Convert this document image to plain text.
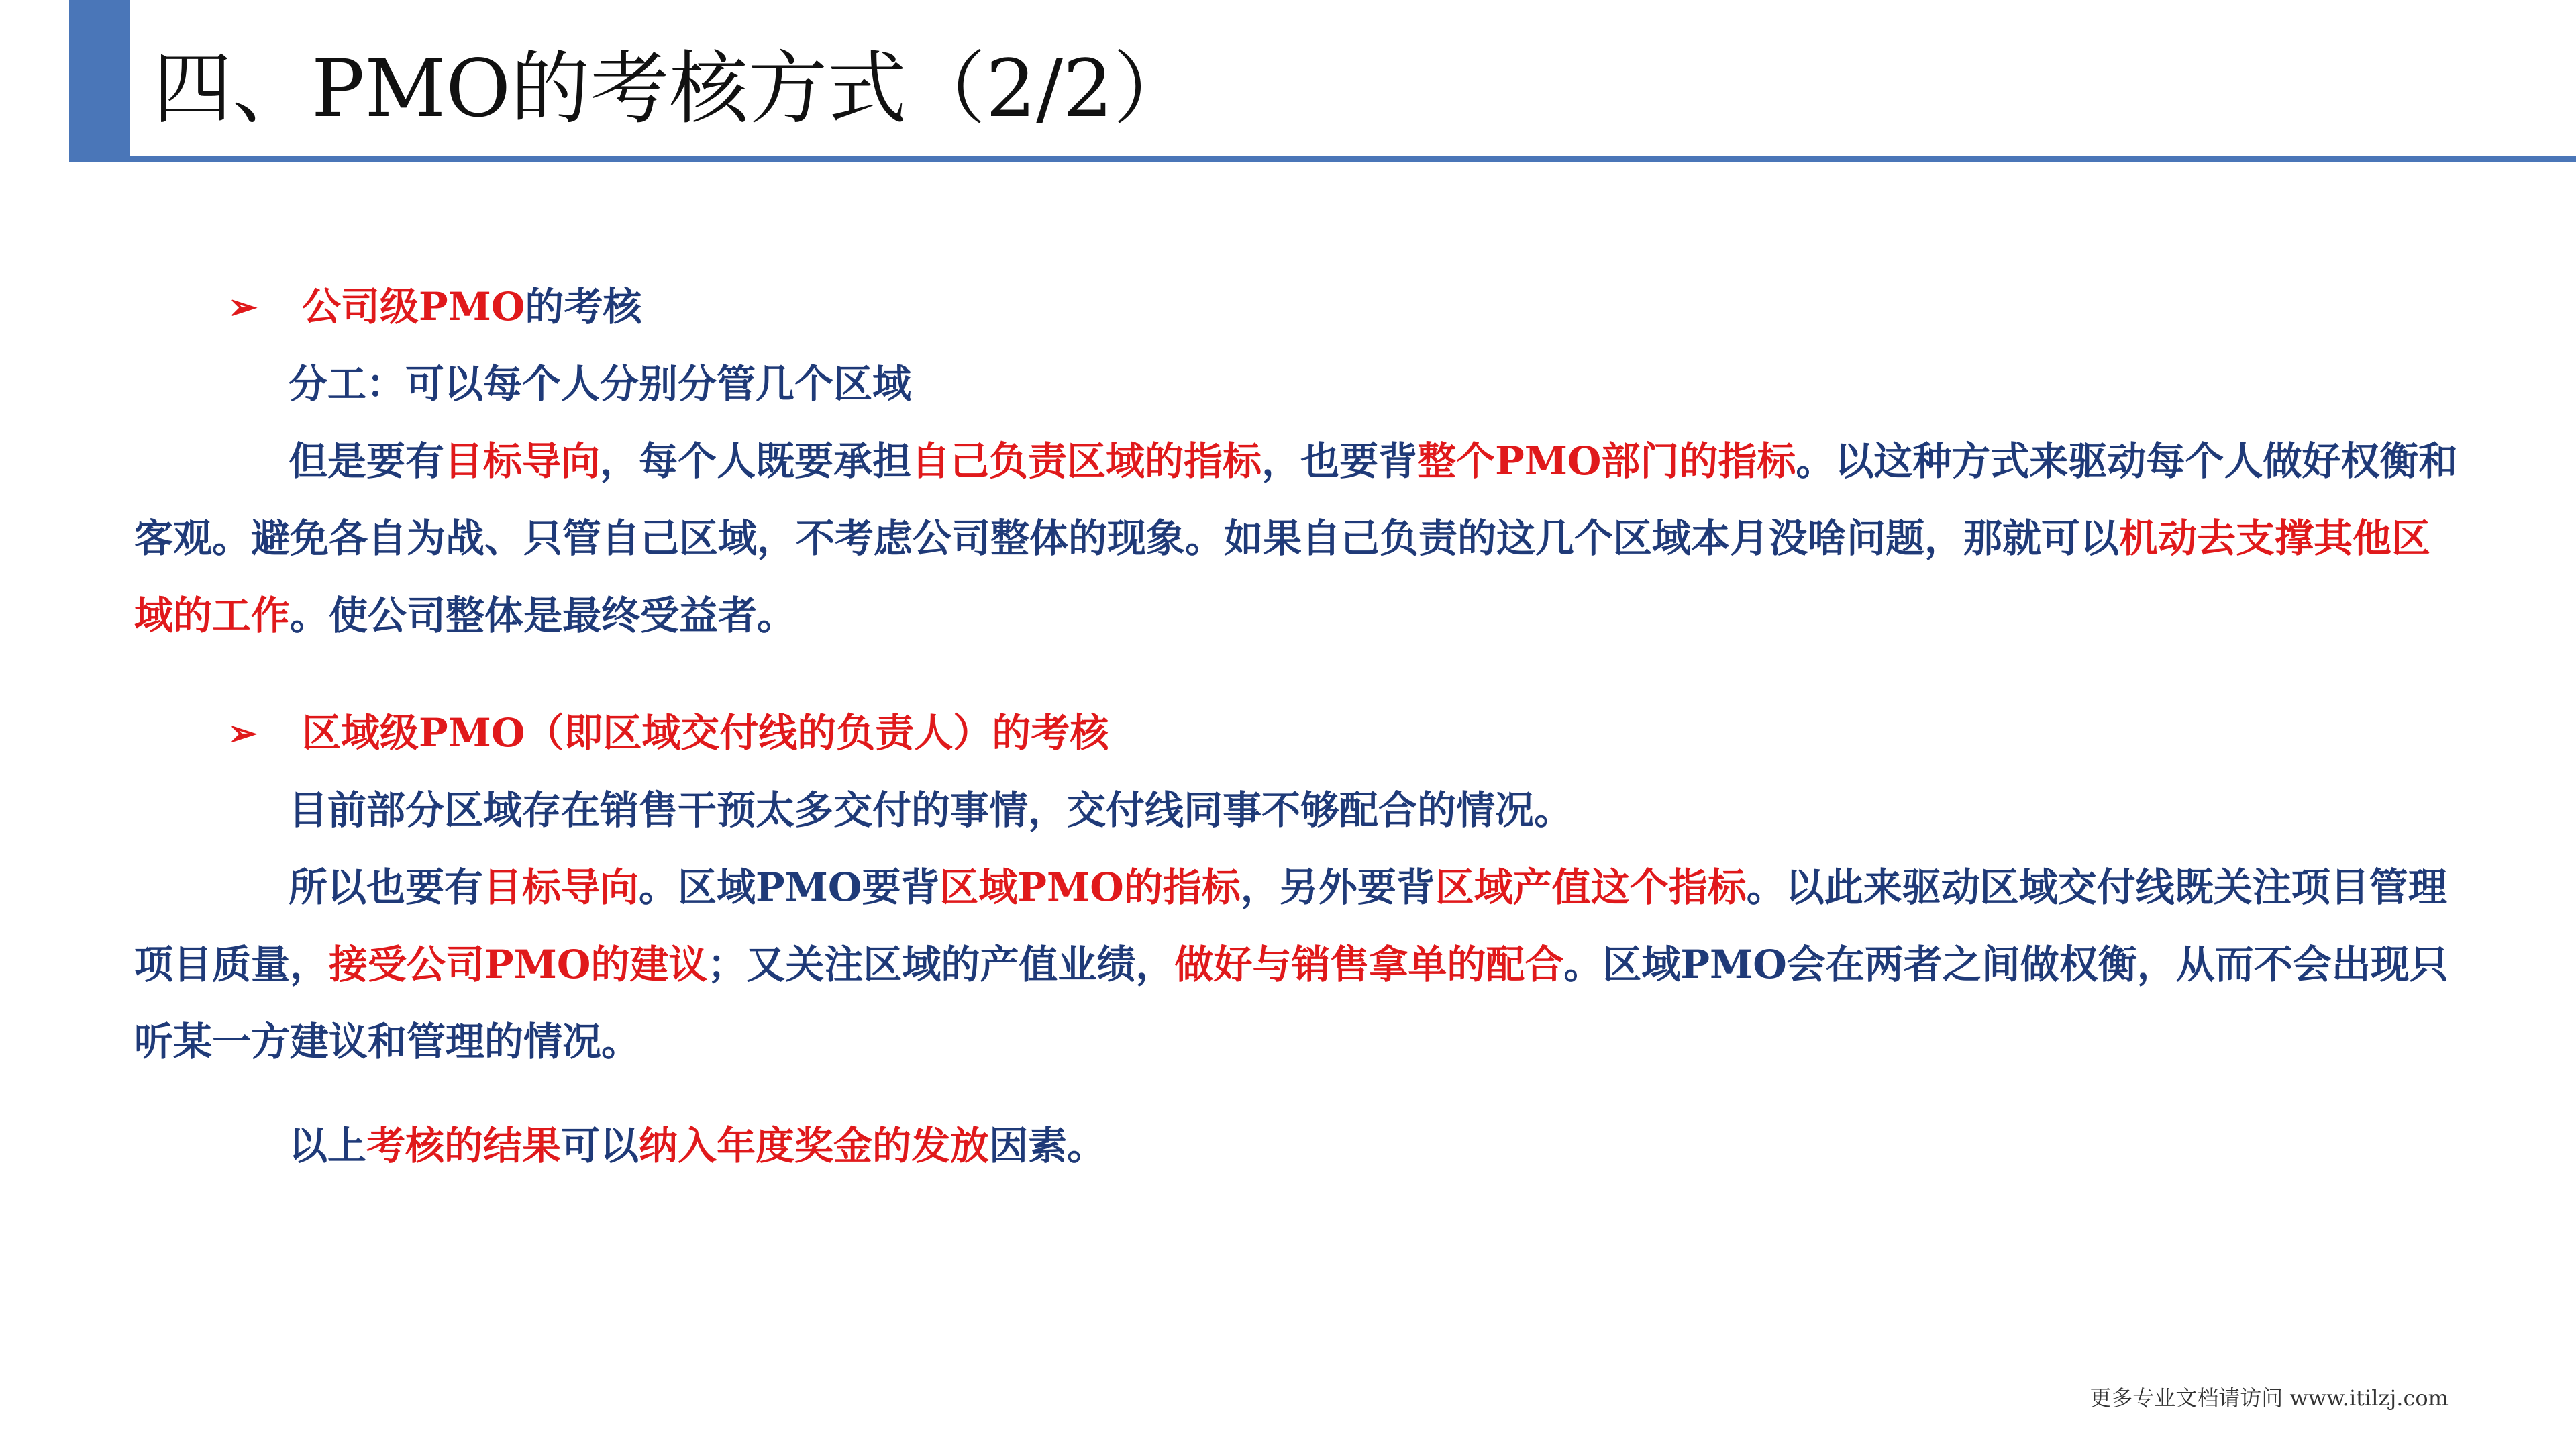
四、PMO的考核方式（2/2）
➢	公司级PMO的考核

分工：可以每个人分别分管几个区域

但是要有目标导向，每个人既要承担自己负责区域的指标，也要背整个PMO部门的指标。以这种方式来驱动每个人做好权衡和客观。避免各自为战、只管自己区域，不考虑公司整体的现象。如果自己负责的这几个区域本月没啥问题，那就可以机动去支撑其他区域的工作。使公司整体是最终受益者。

➢	区域级PMO（即区域交付线的负责人）的考核

目前部分区域存在销售干预太多交付的事情，交付线同事不够配合的情况。

所以也要有目标导向。区域PMO要背区域PMO的指标，另外要背区域产值这个指标。以此来驱动区域交付线既关注项目管理项目质量，接受公司PMO的建议；又关注区域的产值业绩，做好与销售拿单的配合。区域PMO会在两者之间做权衡，从而不会出现只听某一方建议和管理的情况。

以上考核的结果可以纳入年度奖金的发放因素。

更多专业文档请访问 www.itilzj.com
